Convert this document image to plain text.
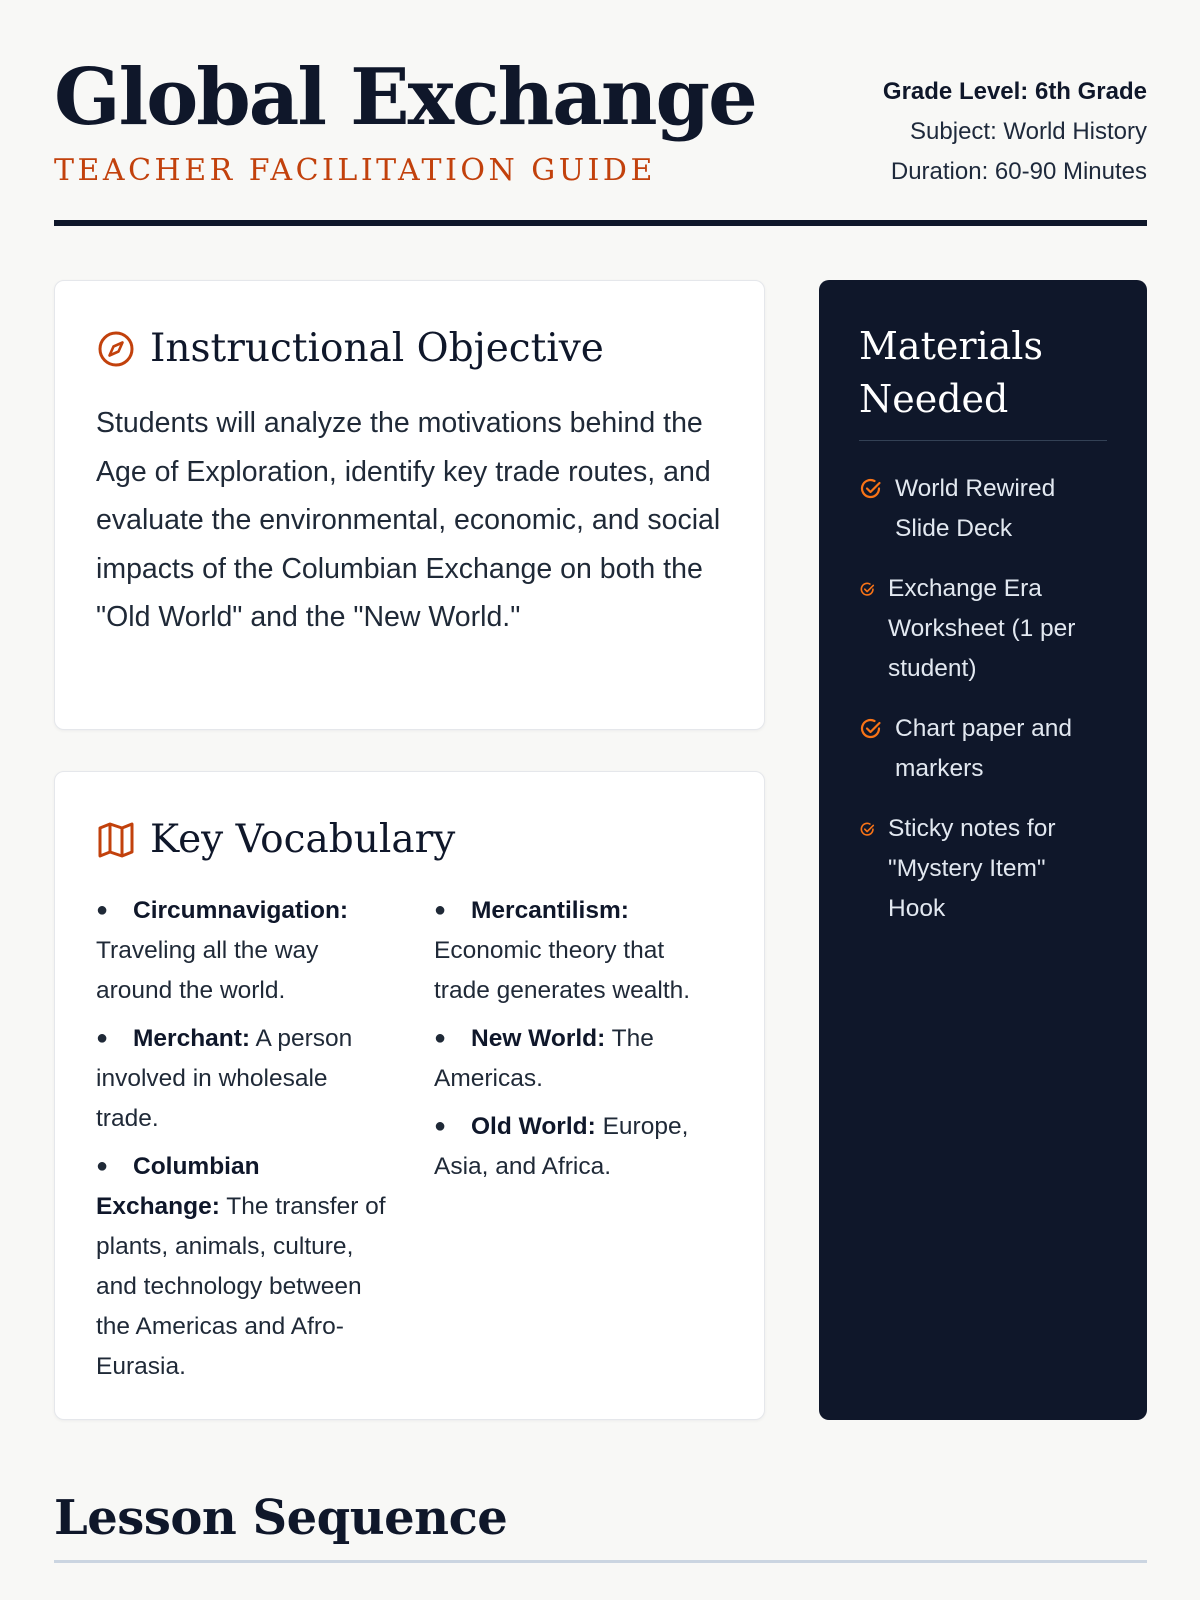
Global Exchange
TEACHER FACILITATION GUIDE
Grade Level: 6th Grade
Subject: World History
Duration: 60-90 Minutes
Instructional Objective

Students will analyze the motivations behind the Age of Exploration, identify key trade routes, and evaluate the environmental, economic, and social impacts of the Columbian Exchange on both the "Old World" and the "New World."

Key Vocabulary
● Circumnavigation: Traveling all the way around the world.
● Merchant: A person involved in wholesale trade.
● Columbian Exchange: The transfer of plants, animals, culture, and technology between the Americas and Afro-Eurasia.
● Mercantilism: Economic theory that trade generates wealth.
● New World: The Americas.
● Old World: Europe, Asia, and Africa.
Materials Needed
World Rewired Slide Deck
Exchange Era Worksheet (1 per student)
Chart paper and markers
Sticky notes for "Mystery Item" Hook
Lesson Sequence
